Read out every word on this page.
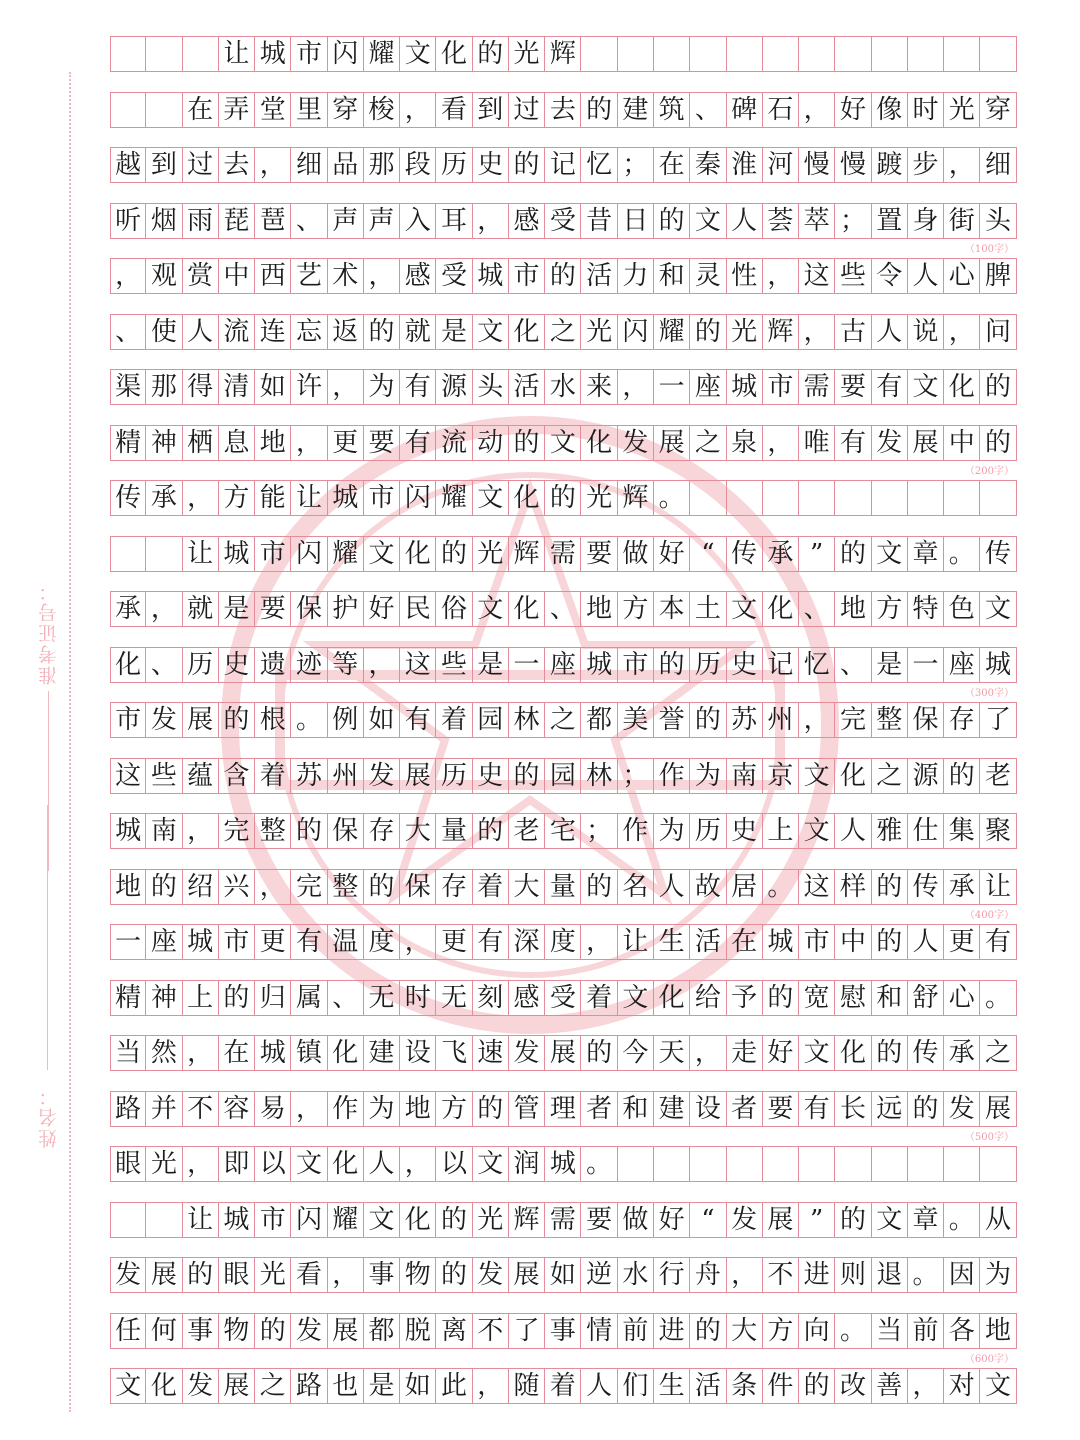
准考证号：
姓名：
让 城 市 闪 耀 文 化 的 光 辉
在 弄 堂 里 穿 梭 ， 看 到 过 去 的 建 筑 、 碑 石 ， 好 像 时 光 穿
越 到 过 去 ， 细 品 那 段 历 史 的 记 忆 ； 在 秦 淮 河 慢 慢 踱 步 ， 细
听 烟 雨 琵 琶 、 声 声 入 耳 ， 感 受 昔 日 的 文 人 荟 萃 ； 置 身 街 头
， 观 赏 中 西 艺 术 ， 感 受 城 市 的 活 力 和 灵 性 ， 这 些 令 人 心 脾
、 使 人 流 连 忘 返 的 就 是 文 化 之 光 闪 耀 的 光 辉 ， 古 人 说 ， 问
渠 那 得 清 如 许 ， 为 有 源 头 活 水 来 ， 一 座 城 市 需 要 有 文 化 的
精 神 栖 息 地 ， 更 要 有 流 动 的 文 化 发 展 之 泉 ， 唯 有 发 展 中 的
传 承 ， 方 能 让 城 市 闪 耀 文 化 的 光 辉 。
让 城 市 闪 耀 文 化 的 光 辉 需 要 做 好 “ 传 承 ” 的 文 章 。 传
承 ， 就 是 要 保 护 好 民 俗 文 化 、 地 方 本 土 文 化 、 地 方 特 色 文
化 、 历 史 遗 迹 等 ， 这 些 是 一 座 城 市 的 历 史 记 忆 、 是 一 座 城
市 发 展 的 根 。 例 如 有 着 园 林 之 都 美 誉 的 苏 州 ， 完 整 保 存 了
这 些 蕴 含 着 苏 州 发 展 历 史 的 园 林 ； 作 为 南 京 文 化 之 源 的 老
城 南 ， 完 整 的 保 存 大 量 的 老 宅 ； 作 为 历 史 上 文 人 雅 仕 集 聚
地 的 绍 兴 ， 完 整 的 保 存 着 大 量 的 名 人 故 居 。 这 样 的 传 承 让
一 座 城 市 更 有 温 度 ， 更 有 深 度 ， 让 生 活 在 城 市 中 的 人 更 有
精 神 上 的 归 属 、 无 时 无 刻 感 受 着 文 化 给 予 的 宽 慰 和 舒 心 。
当 然 ， 在 城 镇 化 建 设 飞 速 发 展 的 今 天 ， 走 好 文 化 的 传 承 之
路 并 不 容 易 ， 作 为 地 方 的 管 理 者 和 建 设 者 要 有 长 远 的 发 展
眼 光 ， 即 以 文 化 人 ， 以 文 润 城 。
让 城 市 闪 耀 文 化 的 光 辉 需 要 做 好 “ 发 展 ” 的 文 章 。 从
发 展 的 眼 光 看 ， 事 物 的 发 展 如 逆 水 行 舟 ， 不 进 则 退 。 因 为
任 何 事 物 的 发 展 都 脱 离 不 了 事 情 前 进 的 大 方 向 。 当 前 各 地
文 化 发 展 之 路 也 是 如 此 ， 随 着 人 们 生 活 条 件 的 改 善 ， 对 文
（100字）
（200字）
（300字）
（400字）
（500字）
（600字）
